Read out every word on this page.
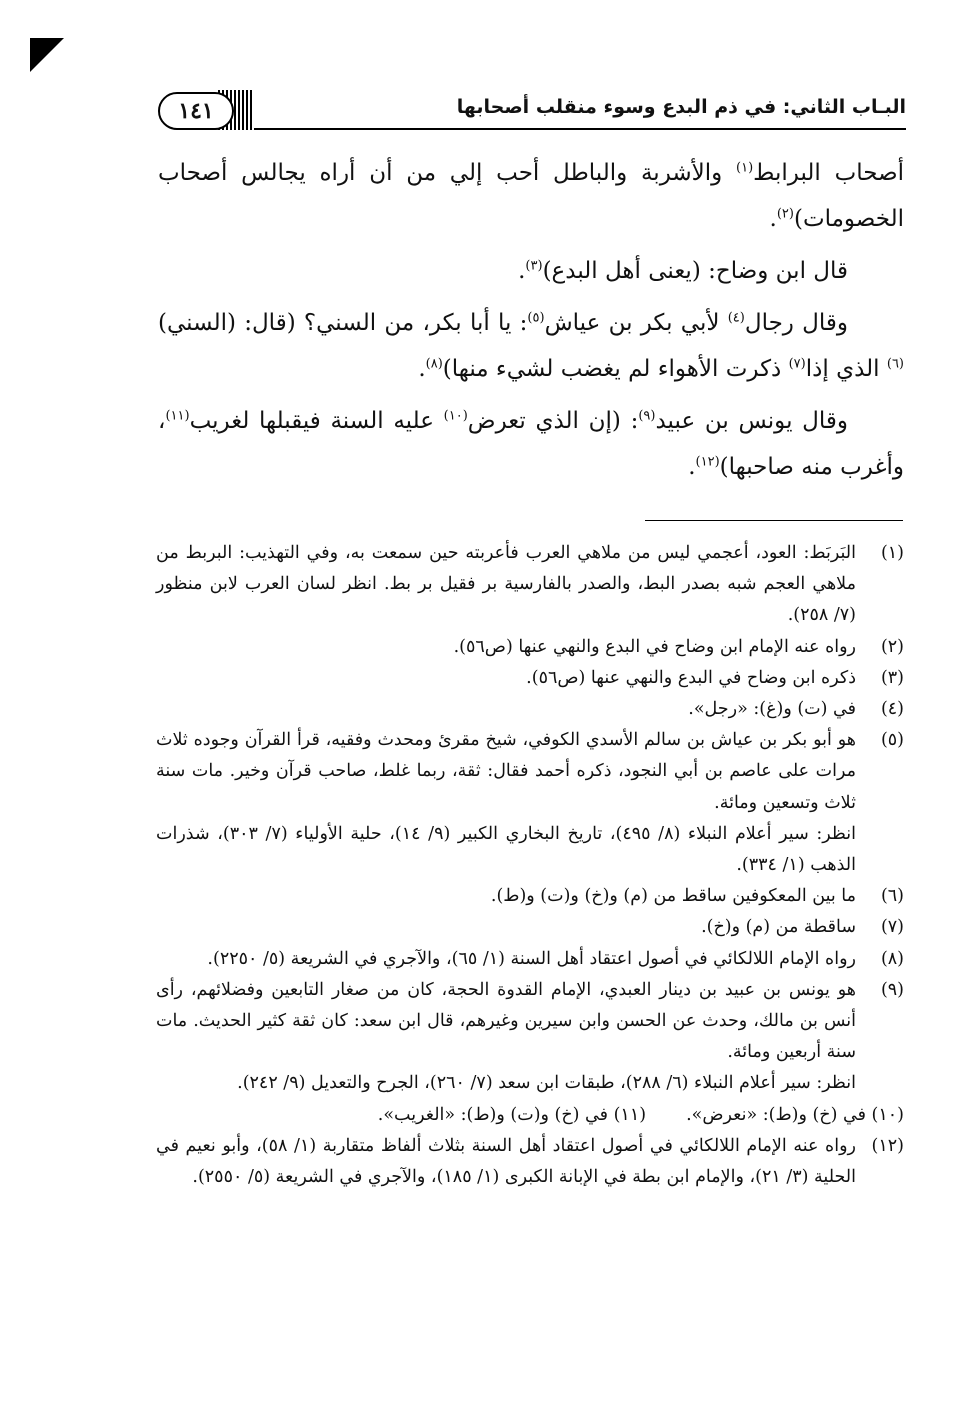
البـاب الثاني: في ذم البدع وسوء منقلب أصحابها
١٤١

أصحاب البرابط$^{(١)}$ والأشربة والباطل أحب إلي من أن أراه يجالس أصحاب الخصومات)$^{(٢)}$.

قال ابن وضاح: (يعنى أهل البدع)$^{(٣)}$.

وقال رجال$^{(٤)}$ لأبي بكر بن عياش$^{(٥)}$: يا أبا بكر، من السني؟ (قال: (السني)$^{(٦)}$ الذي إذا$^{(٧)}$ ذكرت الأهواء لم يغضب لشيء منها)$^{(٨)}$.

وقال يونس بن عبيد$^{(٩)}$: (إن الذي تعرض$^{(١٠)}$ عليه السنة فيقبلها لغريب$^{(١١)}$، وأغرب منه صاحبها)$^{(١٢)}$.

(١)
البَربَط: العود، أعجمي ليس من ملاهي العرب فأعربته حين سمعت به، وفي التهذيب: البربط من ملاهي العجم شبه بصدر البط، والصدر بالفارسية بر فقيل بر بط. انظر لسان العرب لابن منظور (٧/ ٢٥٨).
(٢)
رواه عنه الإمام ابن وضاح في البدع والنهي عنها (ص٥٦).
(٣)
ذكره ابن وضاح في البدع والنهي عنها (ص٥٦).
(٤)
في (ت) و(غ): «رجل».
(٥)
هو أبو بكر بن عياش بن سالم الأسدي الكوفي، شيخ مقرئ ومحدث وفقيه، قرأ القرآن وجوده ثلاث مرات على عاصم بن أبي النجود، ذكره أحمد فقال: ثقة، ربما غلط، صاحب قرآن وخير. مات سنة ثلاث وتسعين ومائة.
انظر: سير أعلام النبلاء (٨/ ٤٩٥)، تاريخ البخاري الكبير (٩/ ١٤)، حلية الأولياء (٧/ ٣٠٣)، شذرات الذهب (١/ ٣٣٤).
(٦)
ما بين المعكوفين ساقط من (م) و(خ) و(ت) و(ط).
(٧)
ساقطة من (م) و(خ).
(٨)
رواه الإمام اللالكائي في أصول اعتقاد أهل السنة (١/ ٦٥)، والآجري في الشريعة (٥/ ٢٢٥٠).
(٩)
هو يونس بن عبيد بن دينار العبدي، الإمام القدوة الحجة، كان من صغار التابعين وفضلائهم، رأى أنس بن مالك، وحدث عن الحسن وابن سيرين وغيرهم، قال ابن سعد: كان ثقة كثير الحديث. مات سنة أربعين ومائة.
انظر: سير أعلام النبلاء (٦/ ٢٨٨)، طبقات ابن سعد (٧/ ٢٦٠)، الجرح والتعديل (٩/ ٢٤٢).
(١٠)

في (خ) و(ط): «نعرض».
(١١)

في (خ) و(ت) و(ط): «الغريب».
(١٢)
رواه عنه الإمام اللالكائي في أصول اعتقاد أهل السنة بثلاث ألفاظ متقاربة (١/ ٥٨)، وأبو نعيم في الحلية (٣/ ٢١)، والإمام ابن بطة في الإبانة الكبرى (١/ ١٨٥)، والآجري في الشريعة (٥/ ٢٥٥٠).
